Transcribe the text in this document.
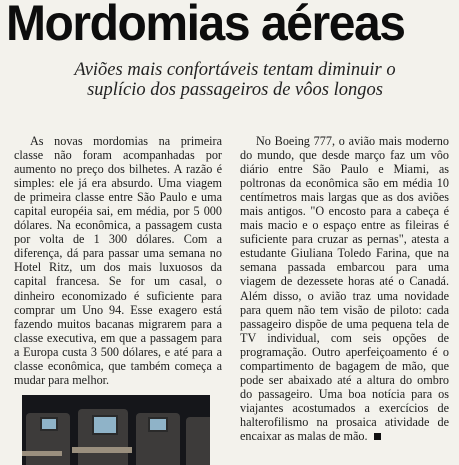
Mordomias aéreas
Aviões mais confortáveis tentam diminuir o suplício dos passageiros de vôos longos

As novas mordomias na primeira classe não foram acompanhadas por aumento no preço dos bilhetes. A razão é simples: ele já era absurdo. Uma viagem de primeira classe entre São Paulo e uma capital européia sai, em média, por 5 000 dólares. Na econômica, a passagem custa por volta de 1 300 dólares. Com a diferença, dá para passar uma semana no Hotel Ritz, um dos mais luxuosos da capital francesa. Se for um casal, o dinheiro economizado é suficiente para comprar um Uno 94. Esse exagero está fazendo muitos bacanas migrarem para a classe executiva, em que a passagem para a Europa custa 3 500 dólares, e até para a classe econômica, que também começa a mudar para melhor.

No Boeing 777, o avião mais moderno do mundo, que desde março faz um vôo diário entre São Paulo e Miami, as poltronas da econômica são em média 10 centímetros mais largas que as dos aviões mais antigos. "O encosto para a cabeça é mais macio e o espaço entre as fileiras é suficiente para cruzar as pernas", atesta a estudante Giuliana Toledo Farina, que na semana passada embarcou para uma viagem de dezessete horas até o Canadá. Além disso, o avião traz uma novidade para quem não tem visão de piloto: cada passageiro dispõe de uma pequena tela de TV individual, com seis opções de programação. Outro aperfeiçoamento é o compartimento de bagagem de mão, que pode ser abaixado até a altura do ombro do passageiro. Uma boa notícia para os viajantes acostumados a exercícios de halterofilismo na prosaica atividade de encaixar as malas de mão.
